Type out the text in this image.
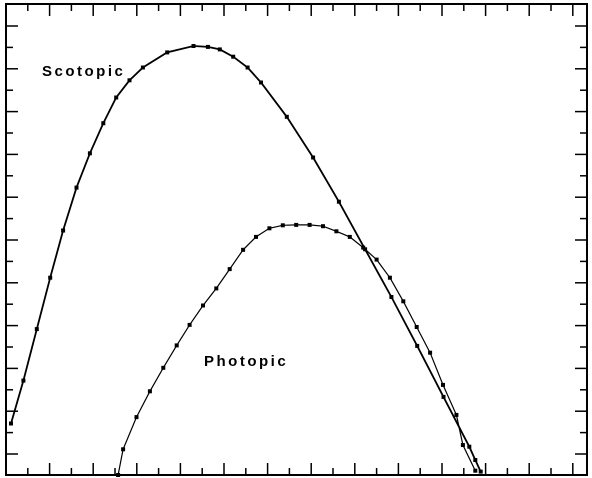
Scotopic
Photopic
